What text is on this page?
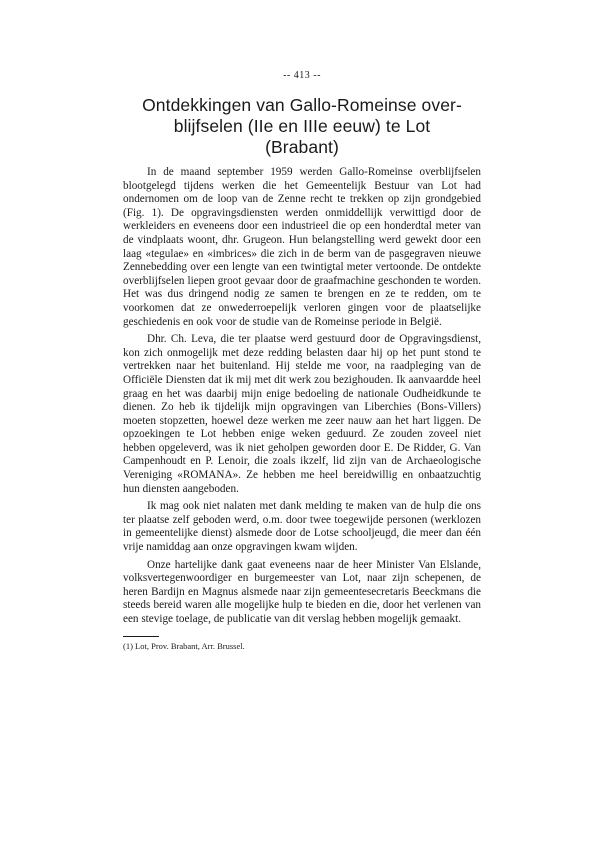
-- 413 --
Ontdekkingen van Gallo-Romeinse over-
blijfselen (IIe en IIIe eeuw) te Lot
(Brabant)

In de maand september 1959 werden Gallo-Romeinse overblijfselen blootgelegd tijdens werken die het Gemeentelijk Bestuur van Lot had ondernomen om de loop van de Zenne recht te trekken op zijn grondgebied (Fig. 1). De opgravingsdiensten werden onmiddellijk verwittigd door de werkleiders en eveneens door een industrieel die op een honderdtal meter van de vindplaats woont, dhr. Grugeon. Hun belangstelling werd gewekt door een laag «tegulae» en «imbrices» die zich in de berm van de pasgegraven nieuwe Zennebedding over een lengte van een twintigtal meter vertoonde. De ontdekte overblijfselen liepen groot gevaar door de graafmachine geschonden te worden. Het was dus dringend nodig ze samen te brengen en ze te redden, om te voorkomen dat ze onwederroepelijk verloren gingen voor de plaatselijke geschiedenis en ook voor de studie van de Romeinse periode in België.

Dhr. Ch. Leva, die ter plaatse werd gestuurd door de Opgravingsdienst, kon zich onmogelijk met deze redding belasten daar hij op het punt stond te vertrekken naar het buitenland. Hij stelde me voor, na raadpleging van de Officiële Diensten dat ik mij met dit werk zou bezighouden. Ik aanvaardde heel graag en het was daarbij mijn enige bedoeling de nationale Oudheidkunde te dienen. Zo heb ik tijdelijk mijn opgravingen van Liberchies (Bons-Villers) moeten stopzetten, hoewel deze werken me zeer nauw aan het hart liggen. De opzoekingen te Lot hebben enige weken geduurd. Ze zouden zoveel niet hebben opgeleverd, was ik niet geholpen geworden door E. De Ridder, G. Van Campenhoudt en P. Lenoir, die zoals ikzelf, lid zijn van de Archaeologische Vereniging «ROMANA». Ze hebben me heel bereidwillig en onbaatzuchtig hun diensten aangeboden.

Ik mag ook niet nalaten met dank melding te maken van de hulp die ons ter plaatse zelf geboden werd, o.m. door twee toegewijde personen (werklozen in gemeentelijke dienst) alsmede door de Lotse schooljeugd, die meer dan één vrije namiddag aan onze opgravingen kwam wijden.

Onze hartelijke dank gaat eveneens naar de heer Minister Van Elslande, volksvertegenwoordiger en burgemeester van Lot, naar zijn schepenen, de heren Bardijn en Magnus alsmede naar zijn gemeentesecretaris Beeckmans die steeds bereid waren alle mogelijke hulp te bieden en die, door het verlenen van een stevige toelage, de publicatie van dit verslag hebben mogelijk gemaakt.

(1) Lot, Prov. Brabant, Arr. Brussel.
